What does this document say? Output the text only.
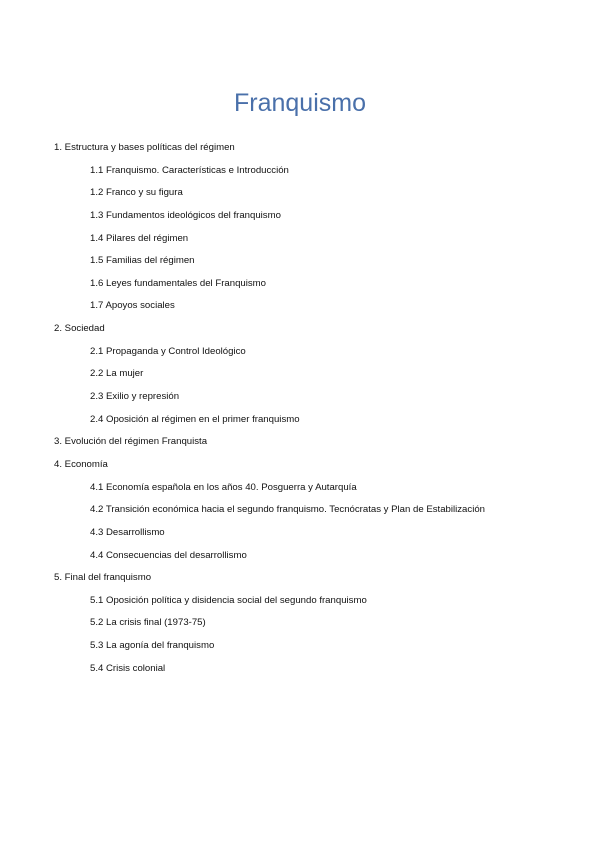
Franquismo
1. Estructura y bases políticas del régimen
1.1 Franquismo. Características e Introducción
1.2 Franco y su figura
1.3 Fundamentos ideológicos del franquismo
1.4 Pilares del régimen
1.5 Familias del régimen
1.6 Leyes fundamentales del Franquismo
1.7 Apoyos sociales
2. Sociedad
2.1 Propaganda y Control Ideológico
2.2 La mujer
2.3 Exilio y represión
2.4 Oposición al régimen en el primer franquismo
3. Evolución del régimen Franquista
4. Economía
4.1 Economía española en los años 40. Posguerra y Autarquía
4.2 Transición económica hacia el segundo franquismo. Tecnócratas y Plan de Estabilización
4.3 Desarrollismo
4.4 Consecuencias del desarrollismo
5. Final del franquismo
5.1 Oposición política y disidencia social del segundo franquismo
5.2 La crisis final (1973-75)
5.3 La agonía del franquismo
5.4 Crisis colonial
